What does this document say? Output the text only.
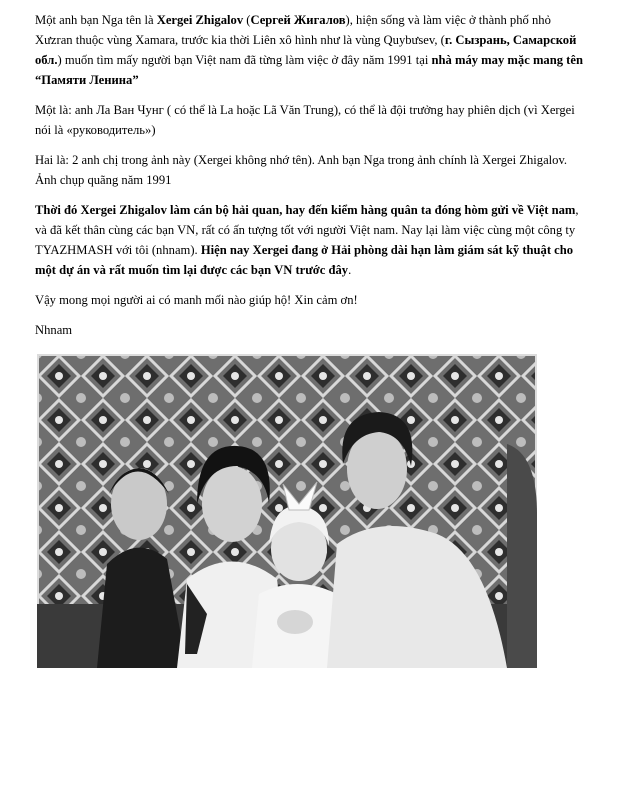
Một anh bạn Nga tên là Xergei Zhigalov (Сергей Жигалов), hiện sống và làm việc ở thành phố nhỏ Xưzran thuộc vùng Xamara, trước kia thời Liên xô hình như là vùng Quybưsev, (г. Сызрань, Самарской обл.) muốn tìm mấy người bạn Việt nam đã từng làm việc ở đây năm 1991 tại nhà máy may mặc mang tên “Памяти Ленина”

Một là: anh Ла Ван Чунг ( có thể là La hoặc Lã Văn Trung), có thể là đội trưởng hay phiên dịch (vì Xergei nói là «руководитель»)

Hai là: 2 anh chị trong ảnh này (Xergei không nhớ tên). Anh bạn Nga trong ảnh chính là Xergei Zhigalov. Ảnh chụp quãng năm 1991

Thời đó Xergei Zhigalov làm cán bộ hải quan, hay đến kiểm hàng quân ta đóng hòm gửi về Việt nam, và đã kết thân cùng các bạn VN, rất có ấn tượng tốt với người Việt nam. Nay lại làm việc cùng một công ty TYAZHMASH với tôi (nhnam). Hiện nay Xergei đang ở Hải phòng dài hạn làm giám sát kỹ thuật cho một dự án và rất muốn tìm lại được các bạn VN trước đây.

Vậy mong mọi người ai có manh mối nào giúp hộ! Xin cảm ơn!

Nhnam
